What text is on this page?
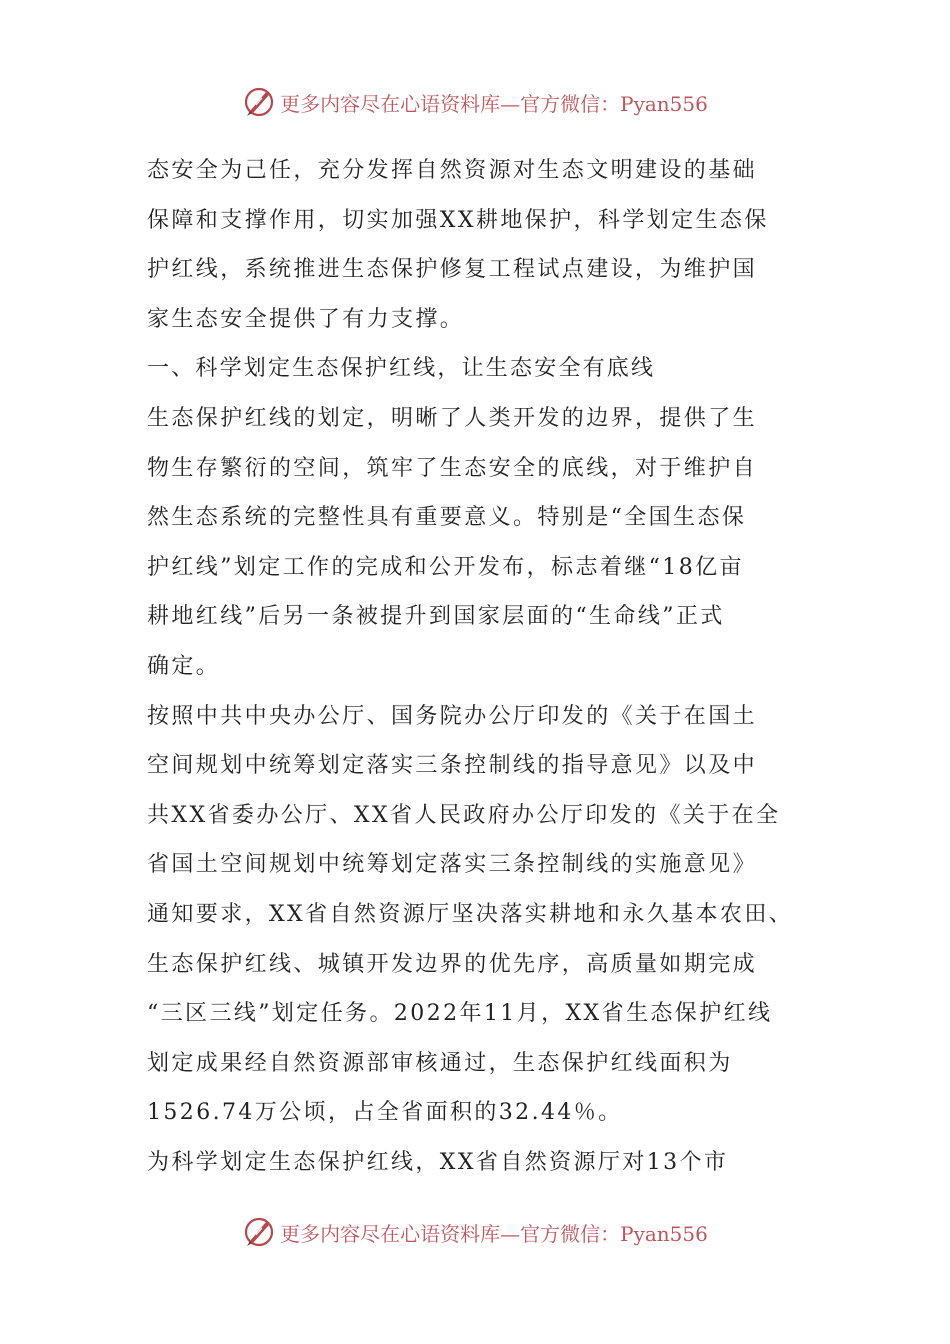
更多内容尽在心语资料库—官方微信：Pyan556
态安全为己任，充分发挥自然资源对生态文明建设的基础
保障和支撑作用，切实加强XX耕地保护，科学划定生态保
护红线，系统推进生态保护修复工程试点建设，为维护国
家生态安全提供了有力支撑。
一、科学划定生态保护红线，让生态安全有底线
生态保护红线的划定，明晰了人类开发的边界，提供了生
物生存繁衍的空间，筑牢了生态安全的底线，对于维护自
然生态系统的完整性具有重要意义。特别是“全国生态保
护红线”划定工作的完成和公开发布，标志着继“18亿亩
耕地红线”后另一条被提升到国家层面的“生命线”正式
确定。
按照中共中央办公厅、国务院办公厅印发的《关于在国土
空间规划中统筹划定落实三条控制线的指导意见》以及中
共XX省委办公厅、XX省人民政府办公厅印发的《关于在全
省国土空间规划中统筹划定落实三条控制线的实施意见》
通知要求，XX省自然资源厅坚决落实耕地和永久基本农田、
生态保护红线、城镇开发边界的优先序，高质量如期完成
“三区三线”划定任务。2022年11月，XX省生态保护红线
划定成果经自然资源部审核通过，生态保护红线面积为
1526.74万公顷，占全省面积的32.44％。
为科学划定生态保护红线，XX省自然资源厅对13个市
更多内容尽在心语资料库—官方微信：Pyan556
